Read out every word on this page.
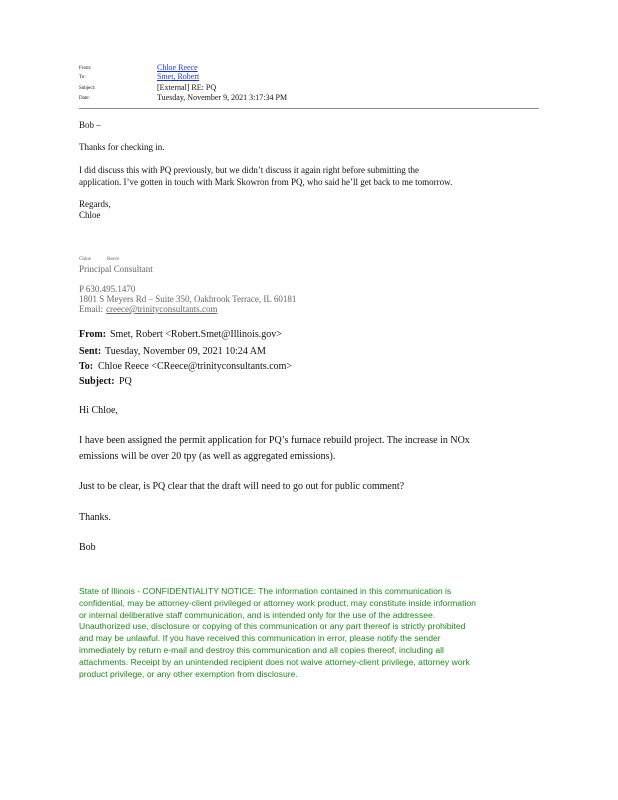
From:	Chloe Reece
To:	Smet, Robert
Subject:	[External] RE: PQ
Date:	Tuesday, November 9, 2021 3:17:34 PM
Bob –
Thanks for checking in.
I did discuss this with PQ previously, but we didn’t discuss it again right before submitting the
application. I’ve gotten in touch with Mark Skowron from PQ, who said he’ll get back to me tomorrow.
Regards,
Chloe
Chloe	Reece
Principal Consultant
P 630.495.1470
1801 S Meyers Rd – Suite 350, Oakbrook Terrace, IL 60181
Email: creece@trinityconsultants.com
From: Smet, Robert <Robert.Smet@Illinois.gov>
Sent: Tuesday, November 09, 2021 10:24 AM
To: Chloe Reece <CReece@trinityconsultants.com>
Subject: PQ
Hi Chloe,
I have been assigned the permit application for PQ’s furnace rebuild project. The increase in NOx
emissions will be over 20 tpy (as well as aggregated emissions).
Just to be clear, is PQ clear that the draft will need to go out for public comment?
Thanks.
Bob
State of Illinois - CONFIDENTIALITY NOTICE: The information contained in this communication is
confidential, may be attorney-client privileged or attorney work product, may constitute inside information
or internal deliberative staff communication, and is intended only for the use of the addressee.
Unauthorized use, disclosure or copying of this communication or any part thereof is strictly prohibited
and may be unlawful. If you have received this communication in error, please notify the sender
immediately by return e-mail and destroy this communication and all copies thereof, including all
attachments. Receipt by an unintended recipient does not waive attorney-client privilege, attorney work
product privilege, or any other exemption from disclosure.
